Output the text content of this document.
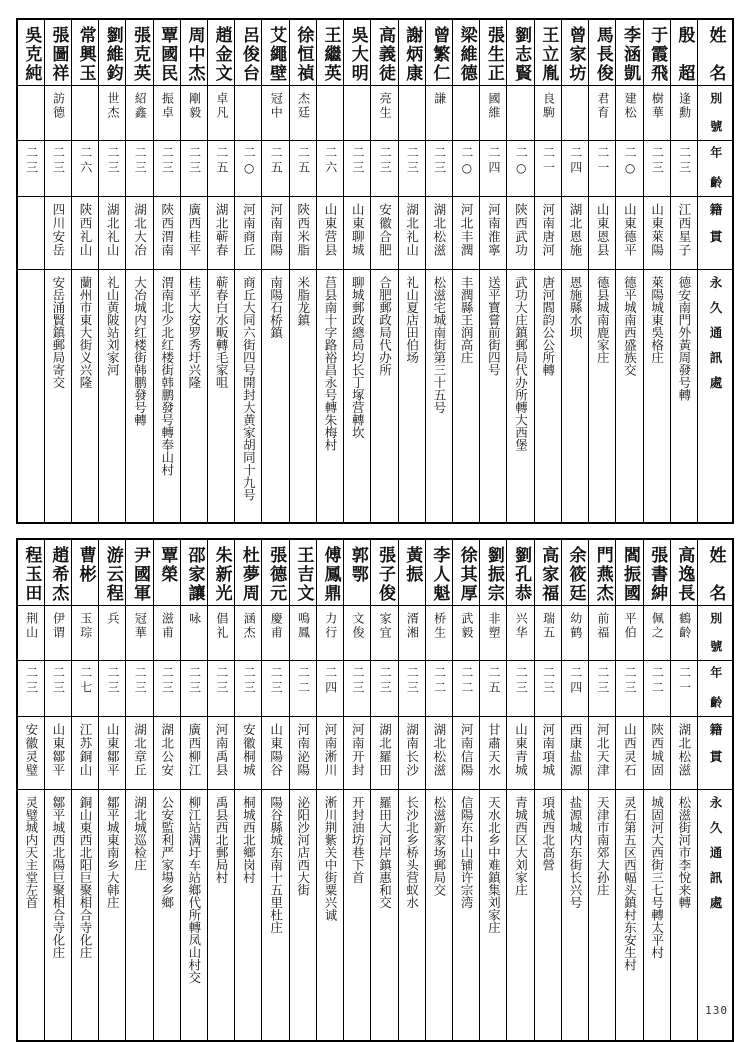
吳克純	張圖祥	常興玉	劉維鈞	張克英	覃國民	周中杰	趙金文	呂俊台	艾繩壁	徐恒禎	王繼英	吳大明	高義徒	謝炳康	曾繁仁	梁維德	張生正	劉志賢	王立胤	曾家坊	馬長俊	李涵凱	于霞飛	殷　超	姓　名

	訪德		世杰	紹鑫	振卓	剛毅	卓凡		冠中	杰廷			亮生		謙		國維		良駒		君育	建松	樹華	逢勳	別　號

二三	二三	二六	二三	二三	二三	二三	二五	二○	二五	二五	二六	二三	二三	二三	二三	二○	二四	二○	二一	二四	二一	二○	二三	二三	年　齡

	四川安岳	陝西礼山	湖北礼山	湖北大冶	陝西渭南	廣西桂平	湖北蕲春	河南商丘	河南南陽	陝西米脂	山東营县	山東聊城	安徽合肥	湖北礼山	湖北松滋	河北丰潤	河南淮寧	陝西武功	河南唐河	湖北恩施	山東恩县	山東德平	山東萊陽	江西星子	籍　貫

	安岳涌賢鎮郵局寄交	蘭州市東大街义兴隆	礼山黄陂站刘家河	大冶城内红楼街韩鹏發号轉	渭南北少北红楼街韩鹏發号轉奉山村	桂平大安罗秀圩兴隆	蕲春白水畈轉毛家咀	商丘大同六街四号開封大黄家胡同十九号	南陽石桥鎮	米脂龙鎮	莒县南十字路裕昌永号轉朱梅村	聊城郵政總局均长丁塚营轉坎	合肥郵政局代办所	礼山夏店田伯场	松滋宅城南街第三十五号	丰潤縣王润高庄	送平寶嘗前街四号	武功大庄鎮郵局代办所轉大西堡	唐河閻韵公公所轉	恩施縣水坝	德县城南鹿家庄	德平城南西盛族交	萊陽城東吳格庄	德安南門外黃周發号轉	永　久　通　訊　處
程玉田	趙希杰	曹彬	游云程	尹國軍	覃榮	邵家讓	朱新光	杜夢周	張德元	王吉文	傅鳳鼎	郭鄂	張子俊	黃振	李人魁	徐其厚	劉振宗	劉孔恭	高家福	余筱廷	門燕杰	閻振國	張書紳	高逸長	姓　名

荆山	伊谓	玉琮	兵	冠華	滋甫	咏	倡礼	涵杰	慶甫	鳴鳳	力行	文俊	家宜	湑湘	桥生	武毅	非塑	兴华	瑞五	幼鹤	前福	平伯	佩之	鶴齡	別　號

二三	二三	二七	二三	二三	二三	二三	二三	二三	二三	二二	二四	二三	二三	二三	二二	二二	二五	二三	二三	二四	二三	二三	二二	二一	年　齡

安徽灵璧	山東鄒平	江苏銅山	山東鄒平	湖北章丘	湖北公安	廣西柳江	河南禹县	安徽桐城	山東陽谷	河南泌陽	河南淅川	河南开封	湖北羅田	湖南长沙	湖北松滋	河南信陽	甘肅天水	山東青城	河南項城	西康盐源	河北天津	山西灵石	陝西城固	湖北松滋	籍　貫

灵璧城内天主堂左首	鄒平城西北陽巨聚相合寺化庄	銅山東西北阳巨聚相合寺化庄	鄒平城東南乡大韩庄	湖北城巡检庄	公安監利严家場乡鄉	柳江站满圩车站鄉代所轉凤山村交	禹县西北郵局村	桐城西北鄉岗村	陽谷縣城东南十五里杜庄	泌阳沙河店西大街	淅川荆紫关中街粟兴诚	开封油坊巷下首	羅田大河岸鎮惠和交	长沙北乡桥头营蚁水	松滋新家场郵局交	信陽东中山铺许宗湾	天水北乡中难鎮集刘家庄	青城西区大刘家庄	項城西北高營	盐源城内东街长兴号	天津市南郊大孙庄	灵石第五区西幅头鎮村东安生村	城固河大西街三七号轉太平村	松滋街河市李悅来轉	永　久　通　訊　處
130
